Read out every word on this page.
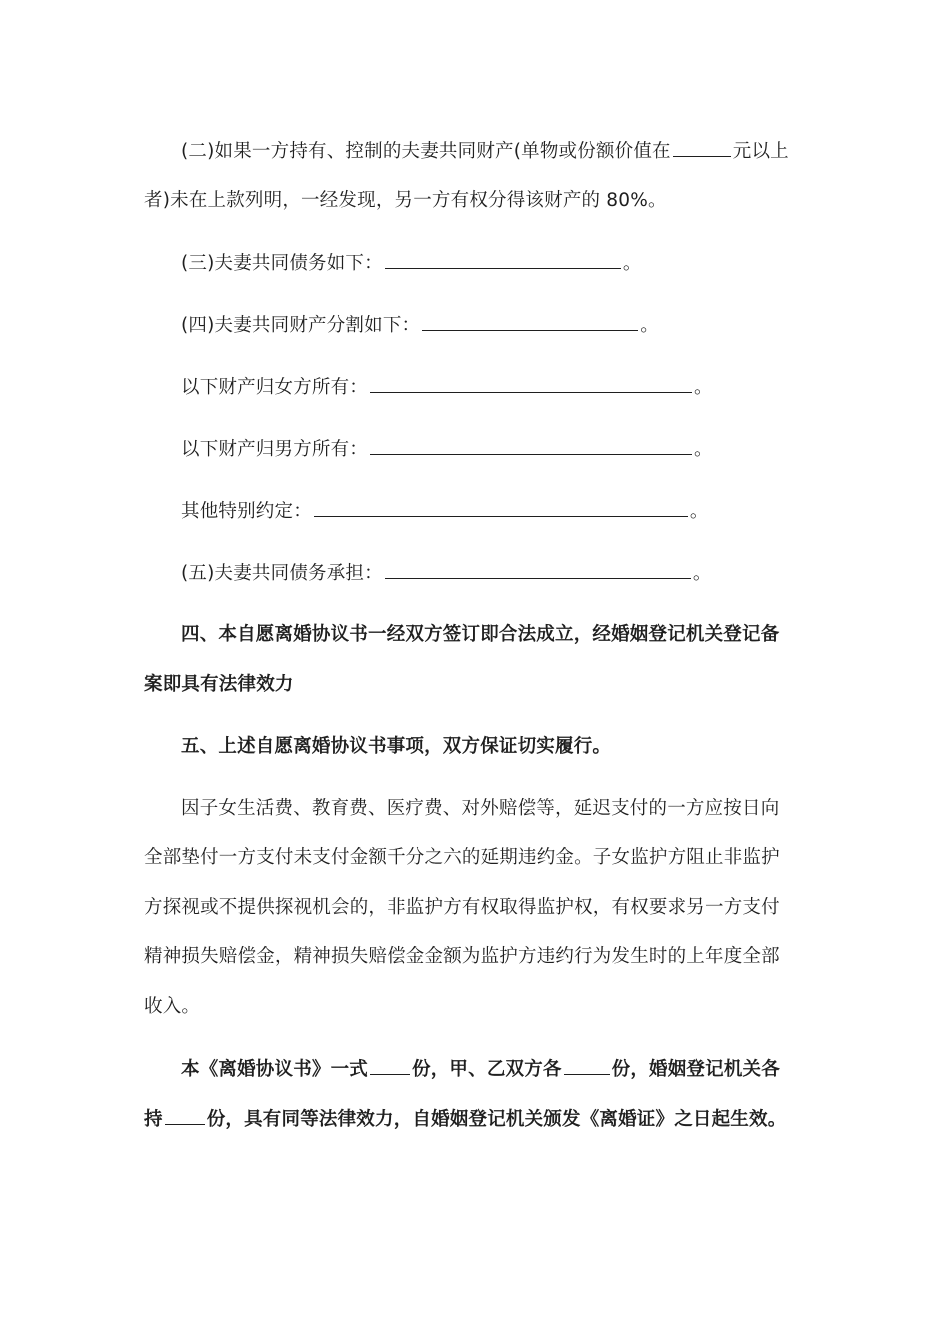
(二)如果一方持有、控制的夫妻共同财产(单物或份额价值在	元以上
者)未在上款列明，一经发现，另一方有权分得该财产的 80%。
(三)夫妻共同债务如下：	。
(四)夫妻共同财产分割如下：	。
以下财产归女方所有：	。
以下财产归男方所有：	。
其他特别约定：	。
(五)夫妻共同债务承担：	。
四、本自愿离婚协议书一经双方签订即合法成立，经婚姻登记机关登记备
案即具有法律效力
五、上述自愿离婚协议书事项，双方保证切实履行。
因子女生活费、教育费、医疗费、对外赔偿等，延迟支付的一方应按日向
全部垫付一方支付未支付金额千分之六的延期违约金。子女监护方阻止非监护
方探视或不提供探视机会的，非监护方有权取得监护权，有权要求另一方支付
精神损失赔偿金，精神损失赔偿金金额为监护方违约行为发生时的上年度全部
收入。
本《离婚协议书》一式 份，甲、乙双方各	份，婚姻登记机关各
持 份，具有同等法律效力，自婚姻登记机关颁发《离婚证》之日起生效。
